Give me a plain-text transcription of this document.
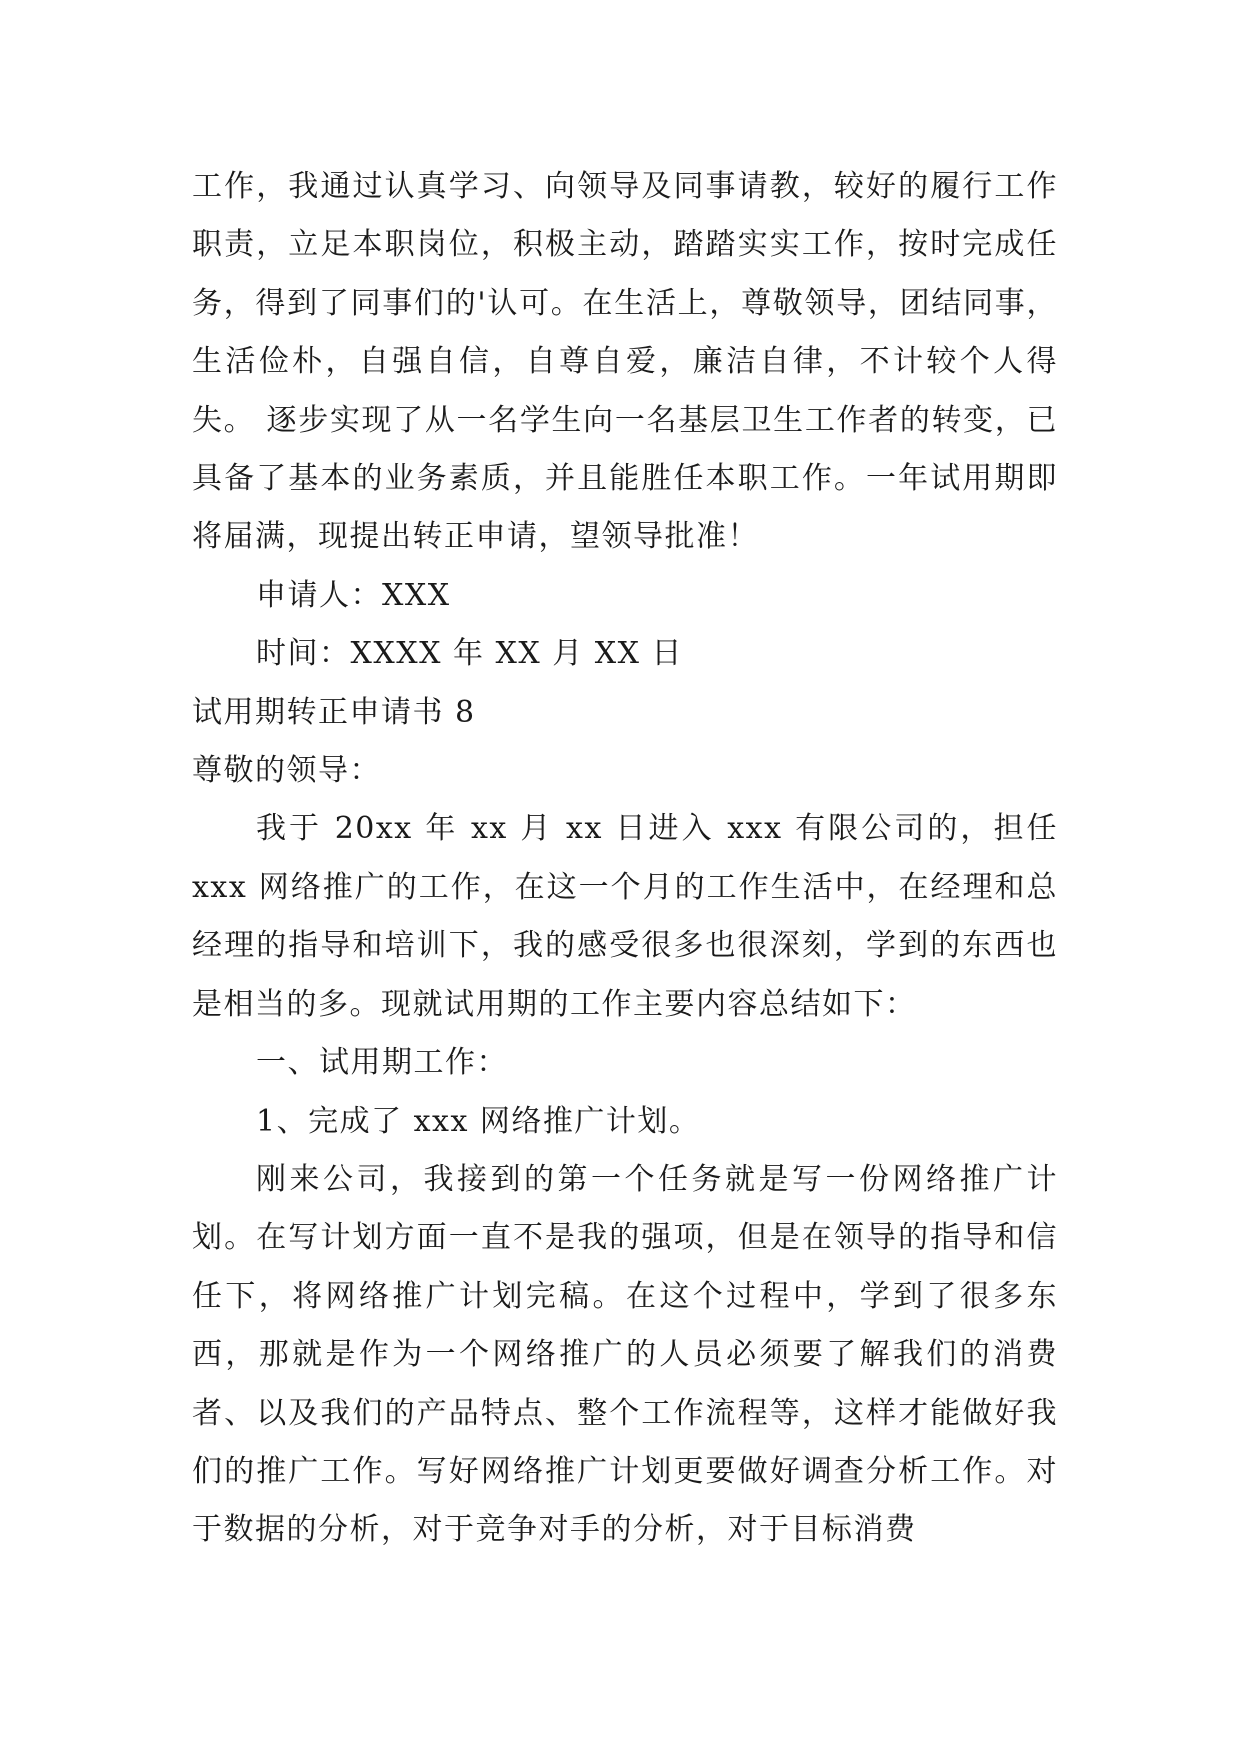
工作，我通过认真学习、向领导及同事请教，较好的履行工作职责，立足本职岗位，积极主动，踏踏实实工作，按时完成任务，得到了同事们的'认可。在生活上，尊敬领导，团结同事，生活俭朴，自强自信，自尊自爱，廉洁自律，不计较个人得失。 逐步实现了从一名学生向一名基层卫生工作者的转变，已具备了基本的业务素质，并且能胜任本职工作。一年试用期即将届满，现提出转正申请，望领导批准！

申请人：XXX

时间：XXXX 年 XX 月 XX 日

试用期转正申请书 8

尊敬的领导：

我于 20xx 年 xx 月 xx 日进入 xxx 有限公司的，担任 xxx 网络推广的工作，在这一个月的工作生活中，在经理和总经理的指导和培训下，我的感受很多也很深刻，学到的东西也是相当的多。现就试用期的工作主要内容总结如下：

一、试用期工作：

1、完成了 xxx 网络推广计划。

刚来公司，我接到的第一个任务就是写一份网络推广计划。在写计划方面一直不是我的强项，但是在领导的指导和信任下，将网络推广计划完稿。在这个过程中，学到了很多东西，那就是作为一个网络推广的人员必须要了解我们的消费者、以及我们的产品特点、整个工作流程等，这样才能做好我们的推广工作。写好网络推广计划更要做好调查分析工作。对于数据的分析，对于竞争对手的分析，对于目标消费
